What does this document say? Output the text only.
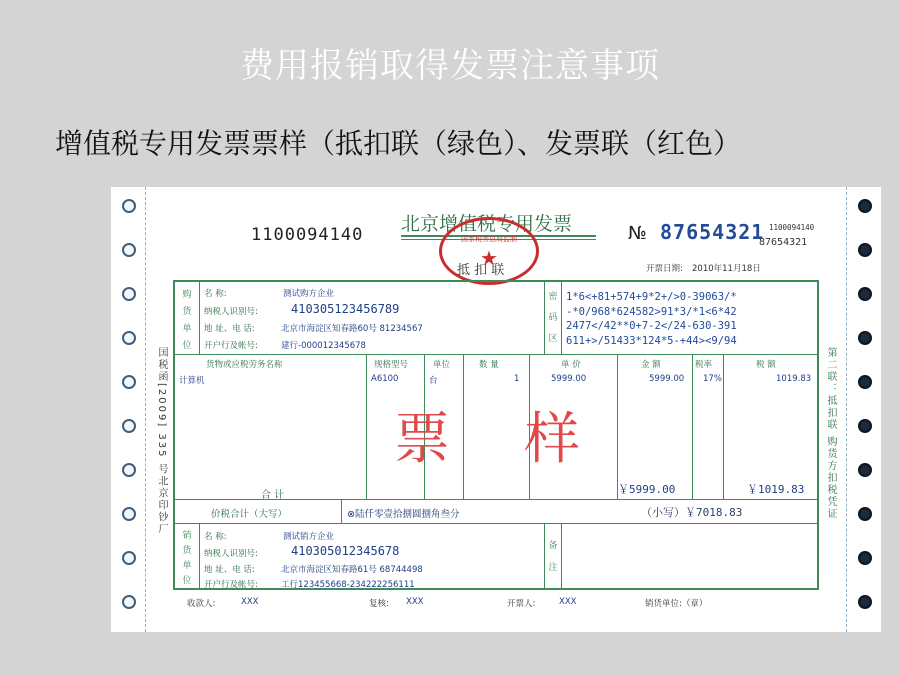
费用报销取得发票注意事项
增值税专用发票票样（抵扣联（绿色）、发票联（红色）
国税函[2009] 335 号北京印钞厂	第二联：抵扣联 购货方扣税凭证
1100094140 北京增值税专用发票
国家税务总局监制
★
抵 扣 联
№ 87654321 1100094140
87654321
开票日期: 2010年11月18日
购货单位
名 称:	测试购方企业
纳税人识别号:	410305123456789
地 址、电 话:	北京市海淀区知春路60号 81234567
开户行及帐号:	建行-000012345678
密码区
1*6<+81+574+9*2+/>0-39063/*
-*0/968*624582>91*3/*1<6*42
2477</42**0+7-2</24-630-391
611+>/51433*124*5-+44><9/94
货物或应税劳务名称	规格型号	单位	数 量	单 价	金 额	税率	税 额
计算机	A6100	台	1	5999.00	5999.00 17%	1019.83
票 样
合 计	￥5999.00	￥1019.83
价税合计（大写）	⊗陆仟零壹拾捌圆捌角叁分	（小写）￥7018.83
销货单位
名 称:	测试销方企业
纳税人识别号:	410305012345678
地 址、电 话:	北京市海淀区知春路61号 68744498
开户行及帐号:	工行123455668-234222256111
备注
收款人:	XXX	复核: XXX	开票人:	XXX	销货单位:（章）
